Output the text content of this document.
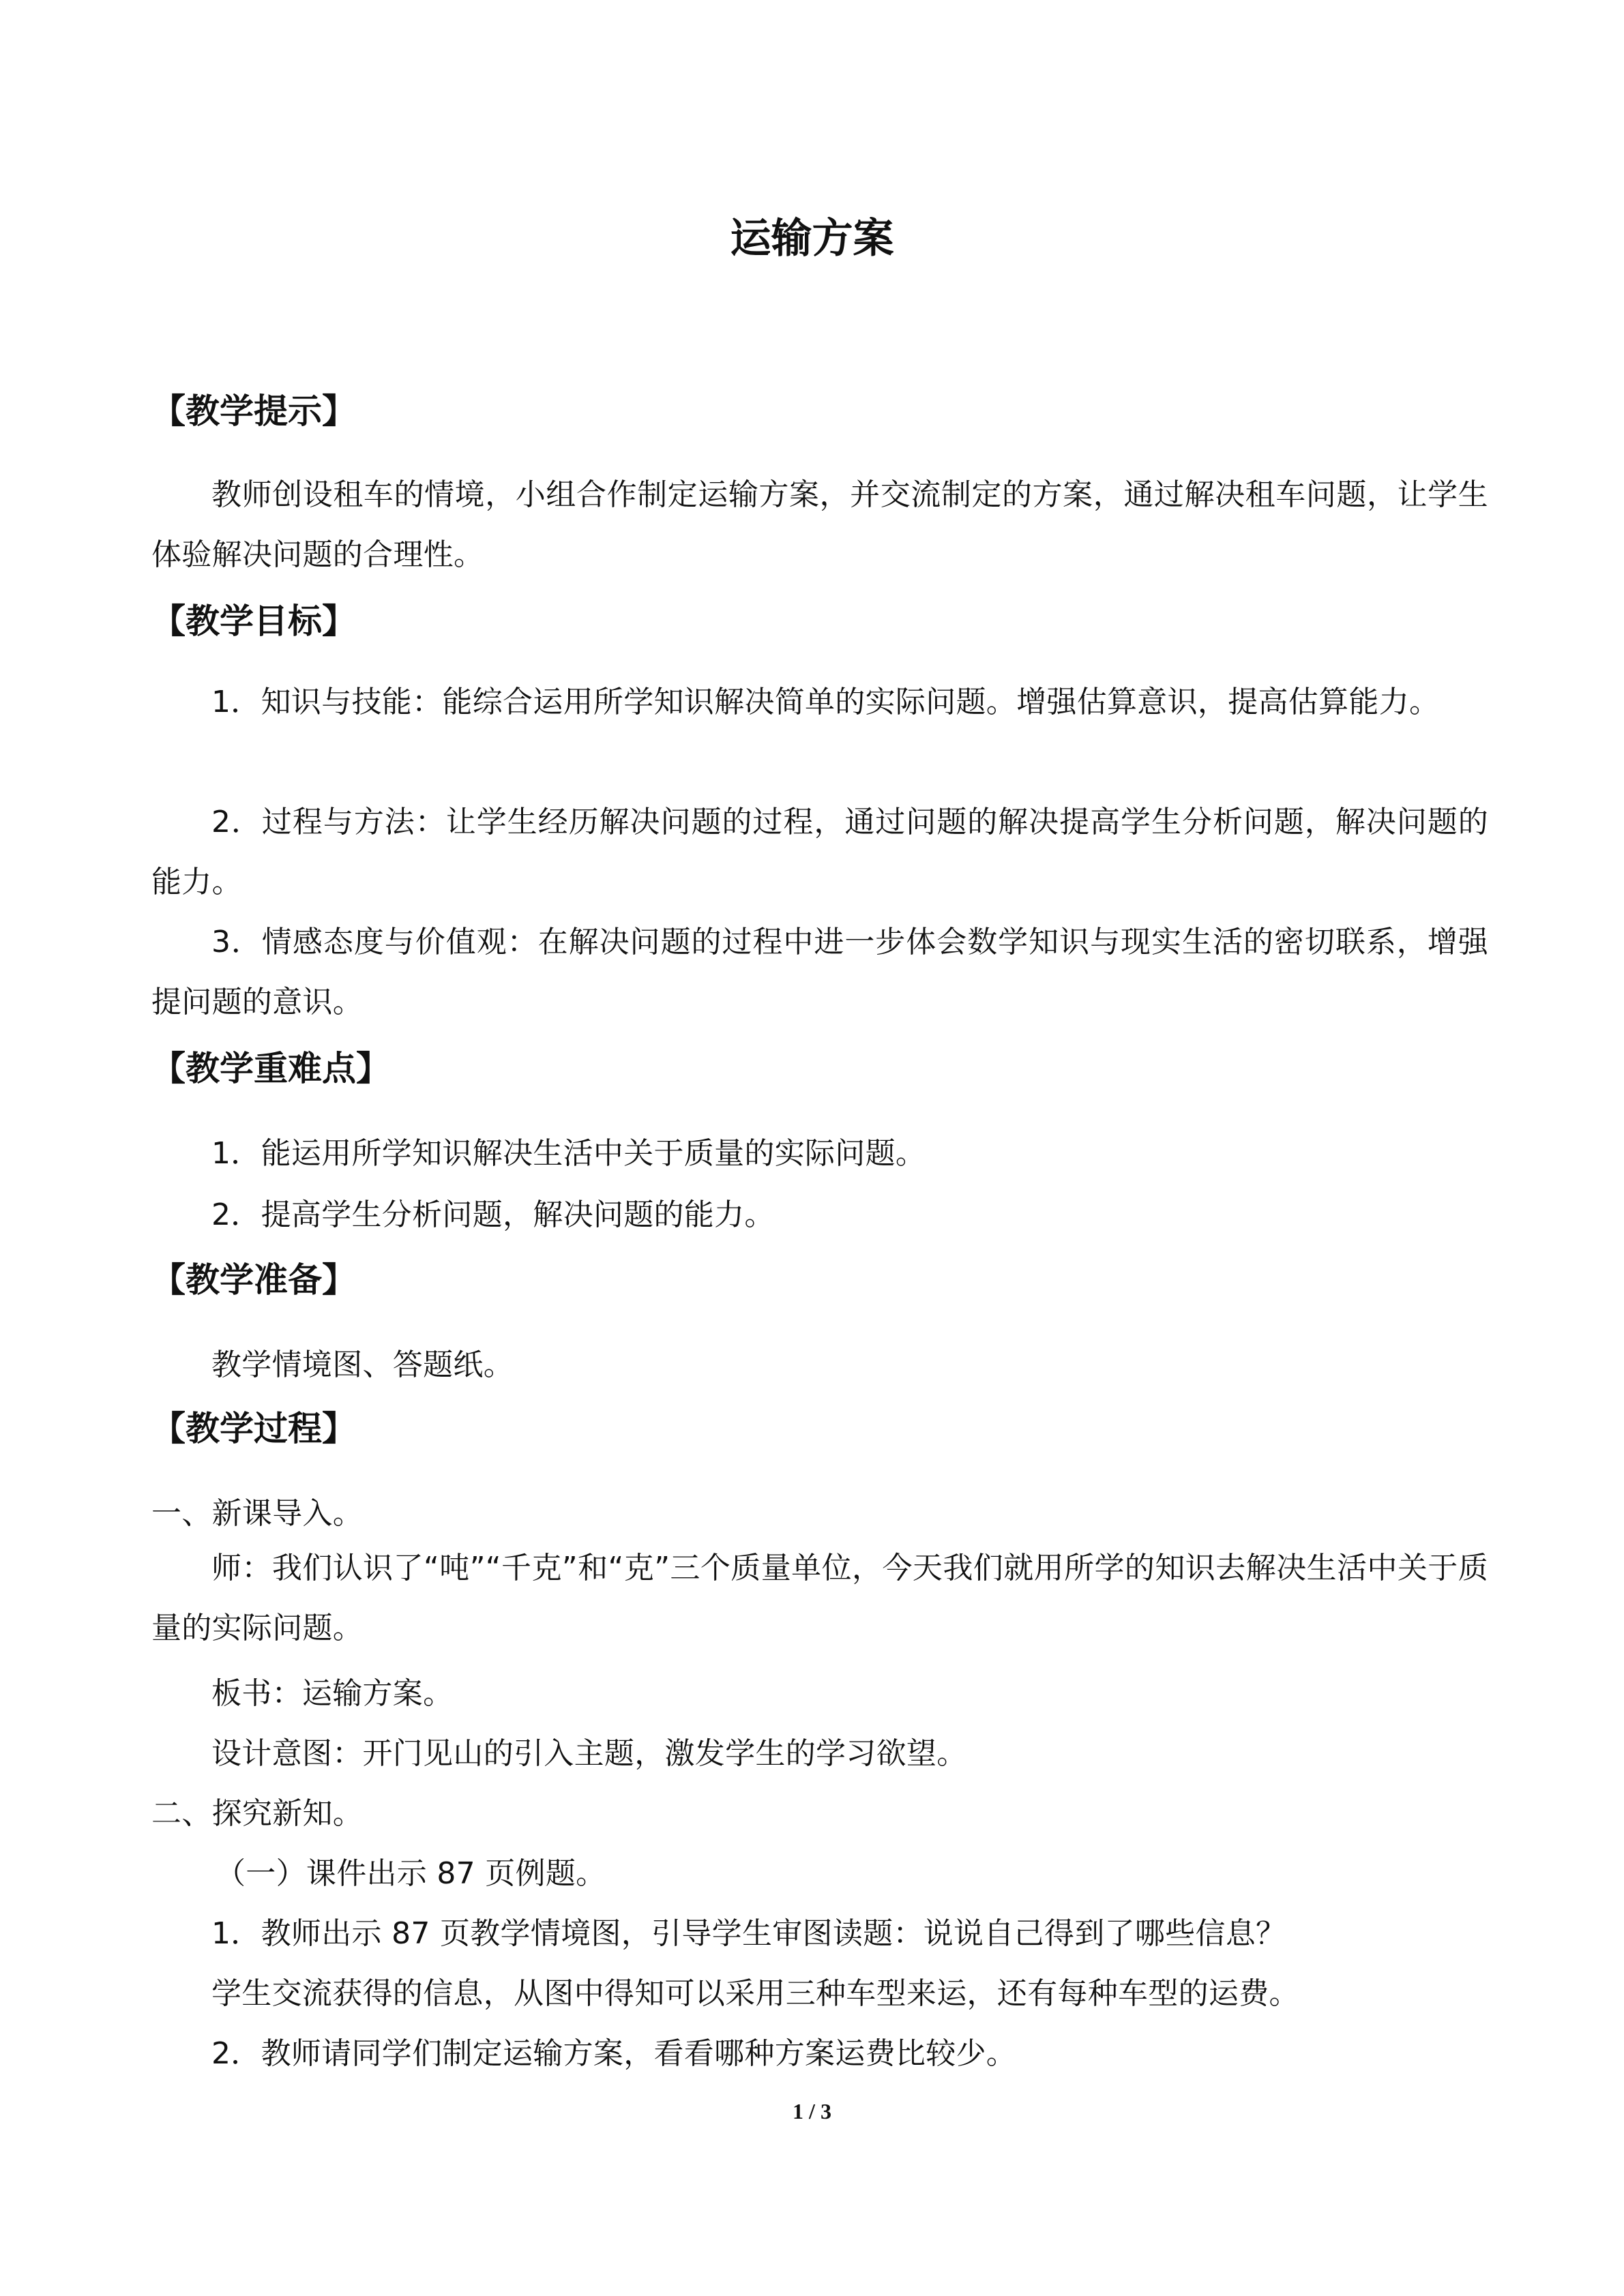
运输方案
【教学提示】

教师创设租车的情境，小组合作制定运输方案，并交流制定的方案，通过解决租车问题，让学生体验解决问题的合理性。

【教学目标】

1．知识与技能：能综合运用所学知识解决简单的实际问题。增强估算意识，提高估算能力。

2．过程与方法：让学生经历解决问题的过程，通过问题的解决提高学生分析问题，解决问题的能力。

3．情感态度与价值观：在解决问题的过程中进一步体会数学知识与现实生活的密切联系，增强提问题的意识。

【教学重难点】

1．能运用所学知识解决生活中关于质量的实际问题。

2．提高学生分析问题，解决问题的能力。

【教学准备】

教学情境图、答题纸。

【教学过程】

一、新课导入。

师：我们认识了“吨”“千克”和“克”三个质量单位，今天我们就用所学的知识去解决生活中关于质量的实际问题。

板书：运输方案。

设计意图：开门见山的引入主题，激发学生的学习欲望。

二、探究新知。

（一）课件出示 87 页例题。

1．教师出示 87 页教学情境图，引导学生审图读题：说说自己得到了哪些信息？

学生交流获得的信息，从图中得知可以采用三种车型来运，还有每种车型的运费。

2．教师请同学们制定运输方案，看看哪种方案运费比较少。

1 / 3
